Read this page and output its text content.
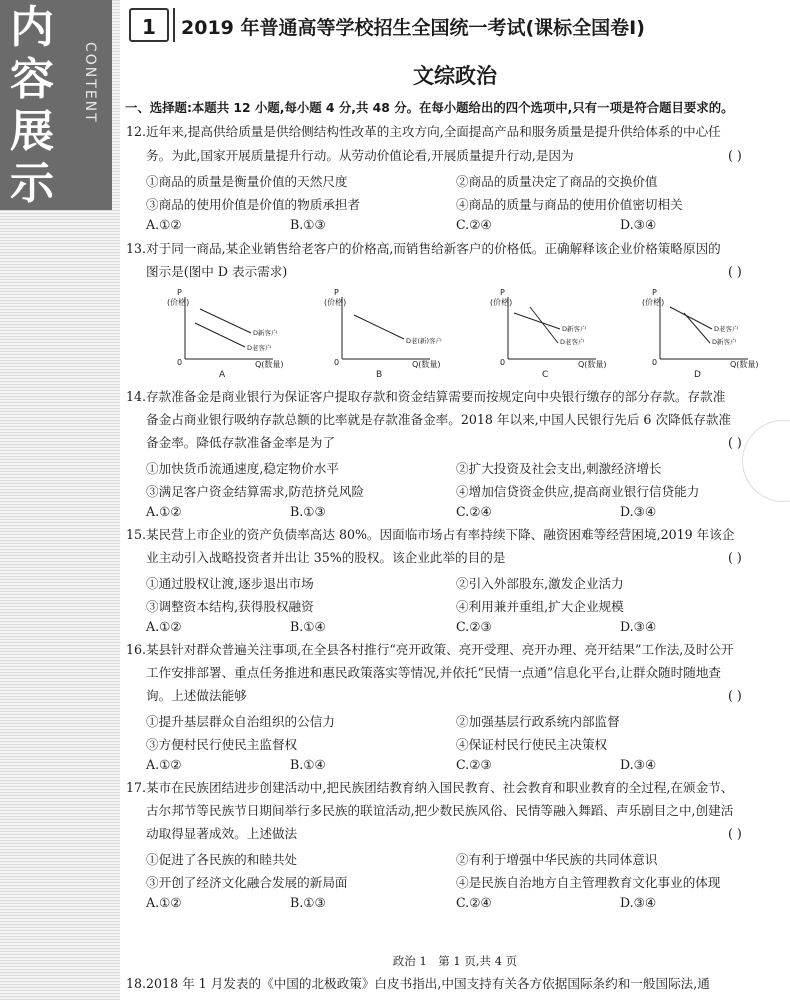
内
容
展
示
CONTENT
1	2019 年普通高等学校招生全国统一考试(课标全国卷Ⅰ)
文综政治
一、选择题:本题共 12 小题,每小题 4 分,共 48 分。在每小题给出的四个选项中,只有一项是符合题目要求的。
12.近年来,提高供给质量是供给侧结构性改革的主攻方向,全面提高产品和服务质量是提升供给体系的中心任
务。为此,国家开展质量提升行动。从劳动价值论看,开展质量提升行动,是因为	( )
①商品的质量是衡量价值的天然尺度	②商品的质量决定了商品的交换价值
③商品的使用价值是价值的物质承担者	④商品的质量与商品的使用价值密切相关
A.①②	B.①③	C.②④	D.③④
13.对于同一商品,某企业销售给老客户的价格高,而销售给新客户的价格低。正确解释该企业价格策略原因的
图示是(图中 D 表示需求)	( )
P
(价格)
0	Q(数量)
D新客户
D老客户
A
P
(价格)
0	Q(数量)
D老(新)客户
B
P
(价格)
0	Q(数量)
D新客户
D老客户
C
P
(价格)
0	Q(数量)
D老客户
D新客户
D
14.存款准备金是商业银行为保证客户提取存款和资金结算需要而按规定向中央银行缴存的部分存款。存款准
备金占商业银行吸纳存款总额的比率就是存款准备金率。2018 年以来,中国人民银行先后 6 次降低存款准
备金率。降低存款准备金率是为了	( )
①加快货币流通速度,稳定物价水平	②扩大投资及社会支出,刺激经济增长
③满足客户资金结算需求,防范挤兑风险	④增加信贷资金供应,提高商业银行信贷能力
A.①②	B.①③	C.②④	D.③④
15.某民营上市企业的资产负债率高达 80%。因面临市场占有率持续下降、融资困难等经营困境,2019 年该企
业主动引入战略投资者并出让 35%的股权。该企业此举的目的是	( )
①通过股权让渡,逐步退出市场	②引入外部股东,激发企业活力
③调整资本结构,获得股权融资	④利用兼并重组,扩大企业规模
A.①②	B.①④	C.②③	D.③④
16.某县针对群众普遍关注事项,在全县各村推行“亮开政策、亮开受理、亮开办理、亮开结果”工作法,及时公开
工作安排部署、重点任务推进和惠民政策落实等情况,并依托“民情一点通”信息化平台,让群众随时随地查
询。上述做法能够	( )
①提升基层群众自治组织的公信力	②加强基层行政系统内部监督
③方便村民行使民主监督权	④保证村民行使民主决策权
A.①②	B.①④	C.②③	D.③④
17.某市在民族团结进步创建活动中,把民族团结教育纳入国民教育、社会教育和职业教育的全过程,在颁金节、
古尔邦节等民族节日期间举行多民族的联谊活动,把少数民族风俗、民情等融入舞蹈、声乐剧目之中,创建活
动取得显著成效。上述做法	( )
①促进了各民族的和睦共处	②有利于增强中华民族的共同体意识
③开创了经济文化融合发展的新局面	④是民族自治地方自主管理教育文化事业的体现
A.①②	B.①③	C.②④	D.③④
政治 1　第 1 页,共 4 页
18.2018 年 1 月发表的《中国的北极政策》白皮书指出,中国支持有关各方依据国际条约和一般国际法,通
